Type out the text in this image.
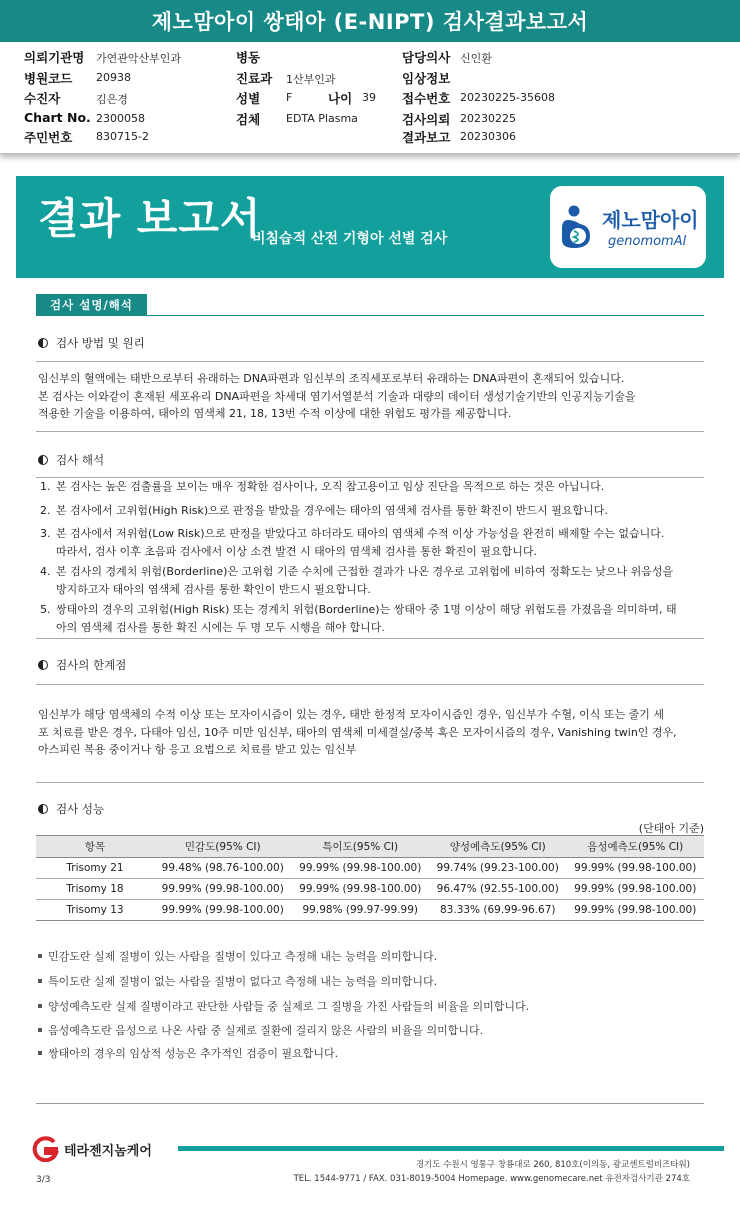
제노맘아이 쌍태아 (E-NIPT) 검사결과보고서
의뢰기관명 가연관악산부인과	병동	담당의사 신인환
병원코드 20938	진료과 1산부인과	임상정보
수진자	김은경	성별 F	나이 39 접수번호 20230225-35608
Chart No. 2300058	검체 EDTA Plasma	검사의뢰 20230225
주민번호 830715-2	결과보고 20230306
결과 보고서
비침습적 산전 기형아 선별 검사
제노맘아이
genomomAI
검사 설명/해석
검사 방법 및 원리
임신부의 혈액에는 태반으로부터 유래하는 DNA파편과 임신부의 조직세포로부터 유래하는 DNA파편이 혼재되어 있습니다.
본 검사는 이와같이 혼재된 세포유리 DNA파편을 차세대 염기서열분석 기술과 대량의 데이터 생성기술기반의 인공지능기술을
적용한 기술을 이용하여, 태아의 염색체 21, 18, 13번 수적 이상에 대한 위험도 평가를 제공합니다.
검사 해석
1. 본 검사는 높은 검출률을 보이는 매우 정확한 검사이나, 오직 참고용이고 임상 진단을 목적으로 하는 것은 아닙니다.
2. 본 검사에서 고위험(High Risk)으로 판정을 받았을 경우에는 태아의 염색체 검사를 통한 확진이 반드시 필요합니다.
3. 본 검사에서 저위험(Low Risk)으로 판정을 받았다고 하더라도 태아의 염색체 수적 이상 가능성을 완전히 배제할 수는 없습니다.
따라서, 검사 이후 초음파 검사에서 이상 소견 발견 시 태아의 염색체 검사를 통한 확진이 필요합니다.
4. 본 검사의 경계치 위험(Borderline)은 고위험 기준 수치에 근접한 결과가 나온 경우로 고위험에 비하여 정확도는 낮으나 위음성을
방지하고자 태아의 염색체 검사를 통한 확인이 반드시 필요합니다.
5. 쌍태아의 경우의 고위험(High Risk) 또는 경계치 위험(Borderline)는 쌍태아 중 1명 이상이 해당 위험도를 가졌음을 의미하며, 태
아의 염색체 검사를 통한 확진 시에는 두 명 모두 시행을 해야 합니다.
검사의 한계점
임신부가 해당 염색체의 수적 이상 또는 모자이시즘이 있는 경우, 태반 한정적 모자이시즘인 경우, 임신부가 수혈, 이식 또는 줄기 세
포 치료를 받은 경우, 다태아 임신, 10주 미만 임신부, 태아의 염색체 미세결실/중복 혹은 모자이시즘의 경우, Vanishing twin인 경우,
아스피린 복용 중이거나 항 응고 요법으로 치료를 받고 있는 임신부
검사 성능
(단태아 기준)
항목	민감도(95% CI)	특이도(95% CI)	양성예측도(95% CI)	음성예측도(95% CI)
Trisomy 21	99.48% (98.76-100.00)	99.99% (99.98-100.00)	99.74% (99.23-100.00)	99.99% (99.98-100.00)
Trisomy 18	99.99% (99.98-100.00)	99.99% (99.98-100.00)	96.47% (92.55-100.00)	99.99% (99.98-100.00)
Trisomy 13	99.99% (99.98-100.00)	99.98% (99.97-99.99)	83.33% (69.99-96.67)	99.99% (99.98-100.00)
민감도란 실제 질병이 있는 사람을 질병이 있다고 측정해 내는 능력을 의미합니다.
특이도란 실제 질병이 없는 사람을 질병이 없다고 측정해 내는 능력을 의미합니다.
양성예측도란 실제 질병이라고 판단한 사람들 중 실제로 그 질병을 가진 사람들의 비율을 의미합니다.
음성예측도란 음성으로 나온 사람 중 실제로 질환에 걸리지 않은 사람의 비율을 의미합니다.
쌍태아의 경우의 임상적 성능은 추가적인 검증이 필요합니다.
테라젠지놈케어
경기도 수원시 영통구 창룡대로 260, 810호(이의동, 광교센트럴비즈타워)
TEL. 1544-9771 / FAX. 031-8019-5004 Homepage. www.genomecare.net 유전자검사기관 274호
3/3
